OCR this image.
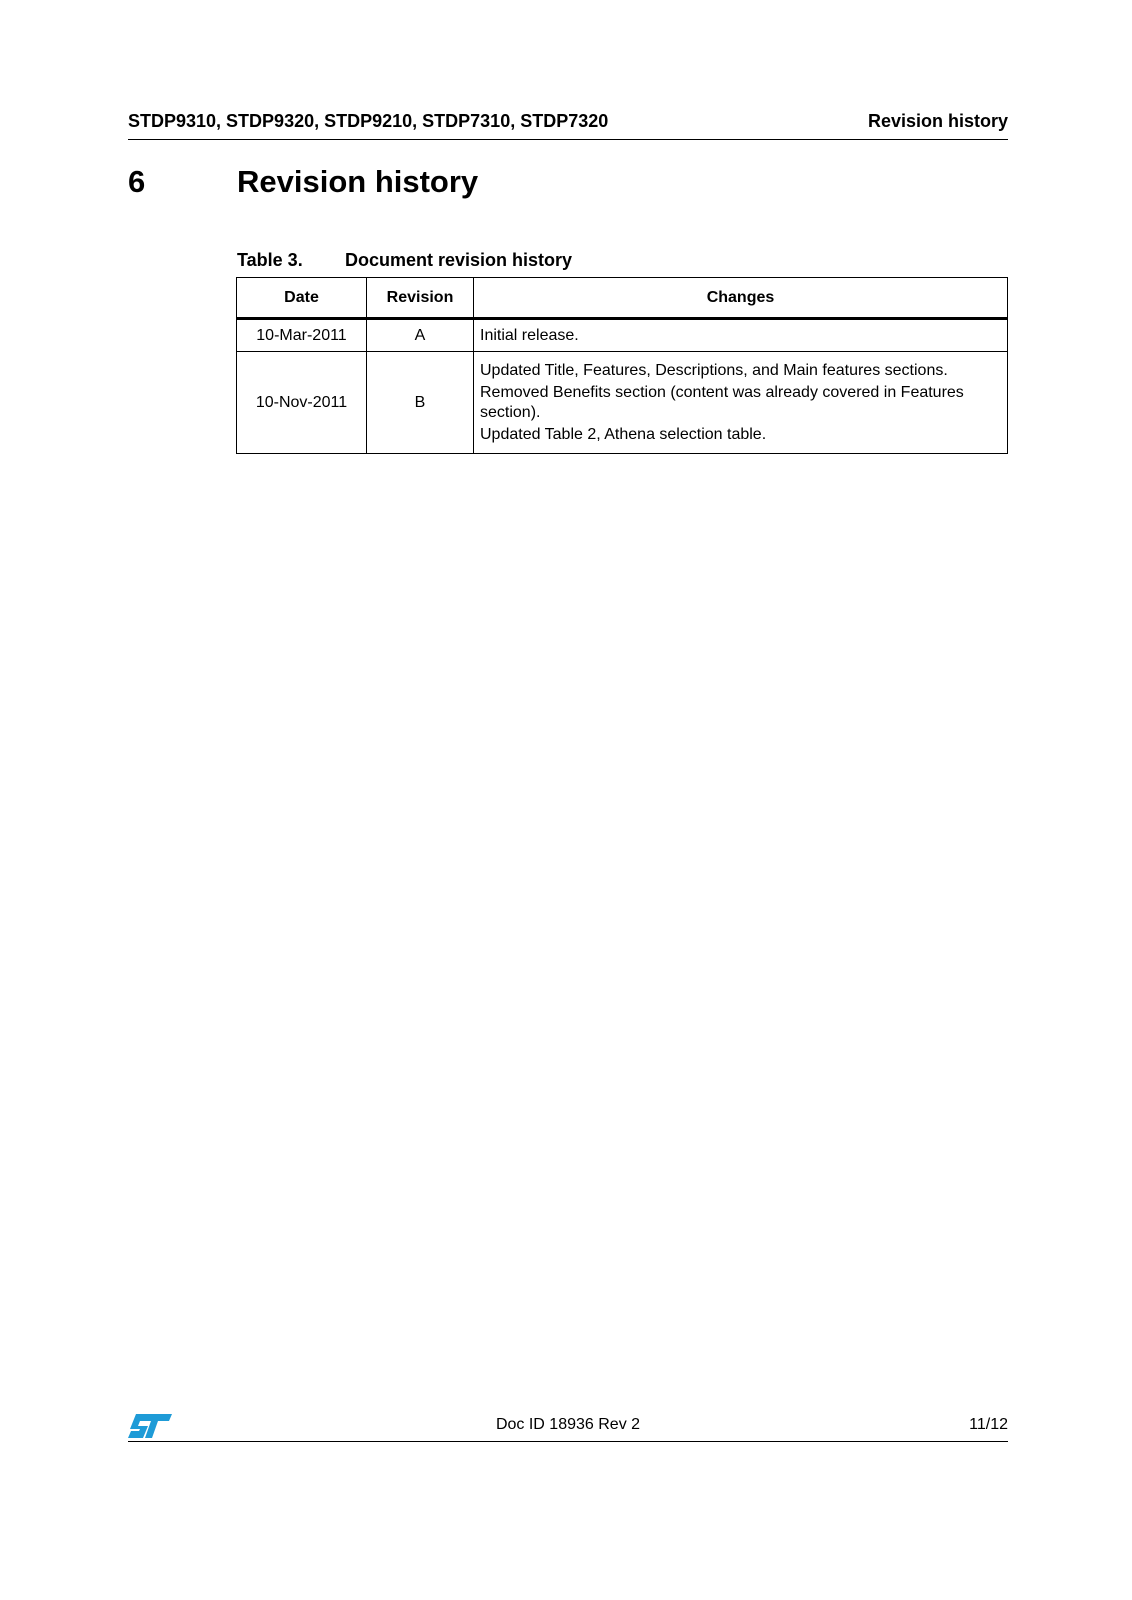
STDP9310, STDP9320, STDP9210, STDP7310, STDP7320	Revision history
6	Revision history
Table 3. Document revision history
Date	Revision	Changes
10-Mar-2011	A	Initial release.

10-Nov-2011	B	Updated Title, Features, Descriptions, and Main features sections.
Removed Benefits section (content was already covered in Features section).
Updated Table 2, Athena selection table.
Doc ID 18936 Rev 2	11/12
